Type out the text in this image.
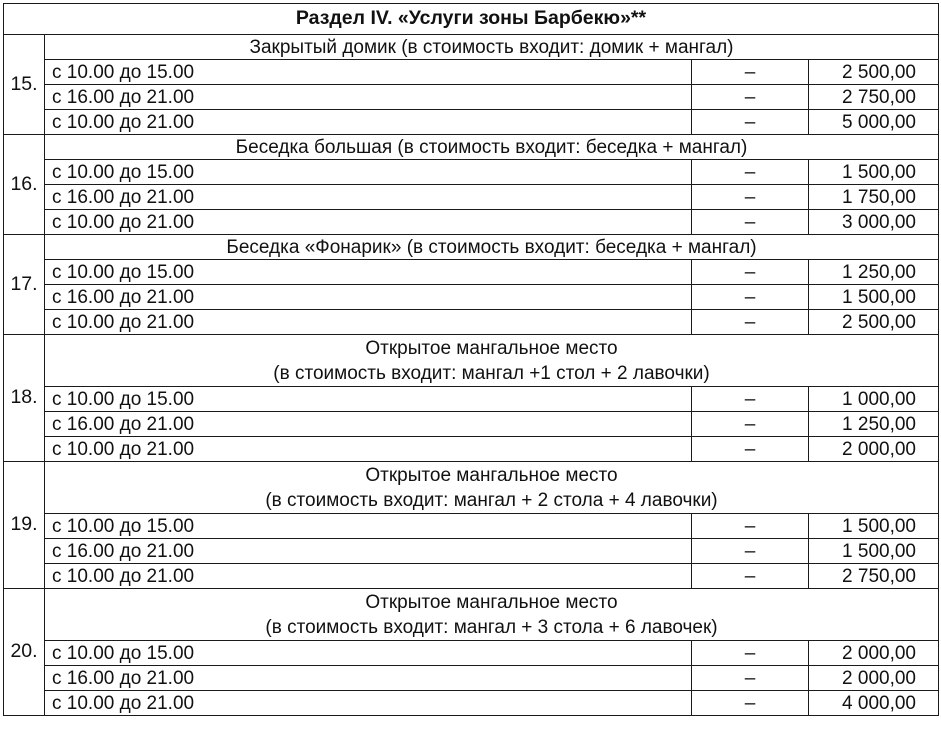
Раздел IV. «Услуги зоны Барбекю»**			
15.	Закрытый домик (в стоимость входит: домик + мангал)		

	с 10.00 до 15.00	–	2 500,00
	с 16.00 до 21.00	–	2 750,00
	с 10.00 до 21.00	–	5 000,00
16.	Беседка большая (в стоимость входит: беседка + мангал)		

	с 10.00 до 15.00	–	1 500,00
	с 16.00 до 21.00	–	1 750,00
	с 10.00 до 21.00	–	3 000,00
17.	Беседка «Фонарик» (в стоимость входит: беседка + мангал)		

	с 10.00 до 15.00	–	1 250,00
	с 16.00 до 21.00	–	1 500,00
	с 10.00 до 21.00	–	2 500,00
18.	Открытое мангальное место
(в стоимость входит: мангал +1 стол + 2 лавочки)		

	с 10.00 до 15.00	–	1 000,00
	с 16.00 до 21.00	–	1 250,00
	с 10.00 до 21.00	–	2 000,00
19.	Открытое мангальное место
(в стоимость входит: мангал + 2 стола + 4 лавочки)		

	с 10.00 до 15.00	–	1 500,00
	с 16.00 до 21.00	–	1 500,00
	с 10.00 до 21.00	–	2 750,00
20.	Открытое мангальное место
(в стоимость входит: мангал + 3 стола + 6 лавочек)		

	с 10.00 до 15.00	–	2 000,00
	с 16.00 до 21.00	–	2 000,00
	с 10.00 до 21.00	–	4 000,00
